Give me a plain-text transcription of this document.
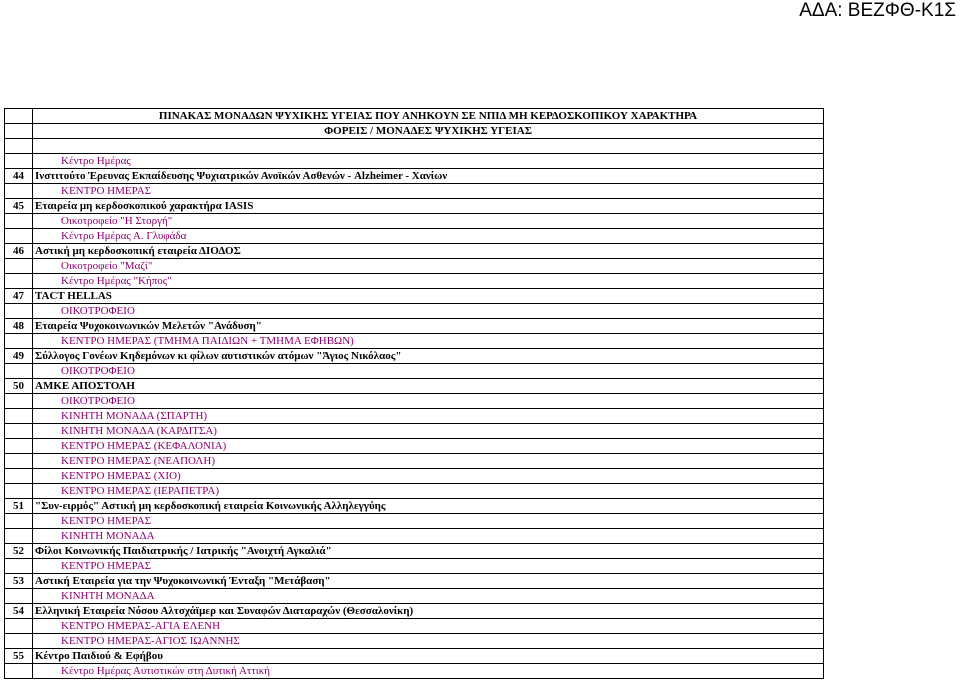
ΑΔΑ: ΒΕΖΦΘ-Κ1Σ
	ΠΙΝΑΚΑΣ ΜΟΝΑΔΩΝ ΨΥΧΙΚΗΣ ΥΓΕΙΑΣ ΠΟΥ ΑΝΗΚΟΥΝ ΣΕ ΝΠΙΔ ΜΗ ΚΕΡΔΟΣΚΟΠΙΚΟΥ ΧΑΡΑΚΤΗΡΑ
	ΦΟΡΕΙΣ / ΜΟΝΑΔΕΣ ΨΥΧΙΚΗΣ ΥΓΕΙΑΣ

	Κέντρο Ημέρας
44	Ινστιτούτο Έρευνας Εκπαίδευσης Ψυχιατρικών Ανοϊκών Ασθενών - Alzheimer - Χανίων
	ΚΕΝΤΡΟ ΗΜΕΡΑΣ
45	Εταιρεία μη κερδοσκοπικού χαρακτήρα IASIS
	Οικοτροφείο "Η Στοργή"
	Κέντρο Ημέρας Α. Γλυφάδα
46	Αστική μη κερδοσκοπική εταιρεία ΔΙΟΔΟΣ
	Οικοτροφείο "Μαζί"
	Κέντρο Ημέρας "Κήπος"
47	TACT HELLAS
	ΟΙΚΟΤΡΟΦΕΙΟ
48	Εταιρεία Ψυχοκοινωνικών Μελετών "Ανάδυση"
	ΚΕΝΤΡΟ ΗΜΕΡΑΣ (ΤΜΗΜΑ ΠΑΙΔΙΩΝ + ΤΜΗΜΑ ΕΦΗΒΩΝ)
49	Σύλλογος Γονέων Κηδεμόνων κι φίλων αυτιστικών ατόμων "Άγιος Νικόλαος"
	ΟΙΚΟΤΡΟΦΕΙΟ
50	ΑΜΚΕ ΑΠΟΣΤΟΛΗ
	ΟΙΚΟΤΡΟΦΕΙΟ
	ΚΙΝΗΤΗ ΜΟΝΑΔΑ (ΣΠΑΡΤΗ)
	ΚΙΝΗΤΗ ΜΟΝΑΔΑ (ΚΑΡΔΙΤΣΑ)
	ΚΕΝΤΡΟ ΗΜΕΡΑΣ (ΚΕΦΑΛΟΝΙΑ)
	ΚΕΝΤΡΟ ΗΜΕΡΑΣ (ΝΕΑΠΟΛΗ)
	ΚΕΝΤΡΟ ΗΜΕΡΑΣ (ΧΙΟ)
	ΚΕΝΤΡΟ ΗΜΕΡΑΣ (ΙΕΡΑΠΕΤΡΑ)
51	"Συν-ειρμός" Αστική μη κερδοσκοπική εταιρεία Κοινωνικής Αλληλεγγύης
	ΚΕΝΤΡΟ ΗΜΕΡΑΣ
	ΚΙΝΗΤΗ ΜΟΝΑΔΑ
52	Φίλοι Κοινωνικής Παιδιατρικής / Ιατρικής "Ανοιχτή Αγκαλιά"
	ΚΕΝΤΡΟ ΗΜΕΡΑΣ
53	Αστική Εταιρεία για την Ψυχοκοινωνική Ένταξη "Μετάβαση"
	ΚΙΝΗΤΗ ΜΟΝΑΔΑ
54	Ελληνική Εταιρεία Νόσου Αλτσχάϊμερ και Συναφών Διαταραχών (Θεσσαλονίκη)
	ΚΕΝΤΡΟ ΗΜΕΡΑΣ-ΑΓΙΑ ΕΛΕΝΗ
	ΚΕΝΤΡΟ ΗΜΕΡΑΣ-ΑΓΙΟΣ ΙΩΑΝΝΗΣ
55	Κέντρο Παιδιού & Εφήβου
	Κέντρο Ημέρας Αυτιστικών στη Δυτική Αττική
